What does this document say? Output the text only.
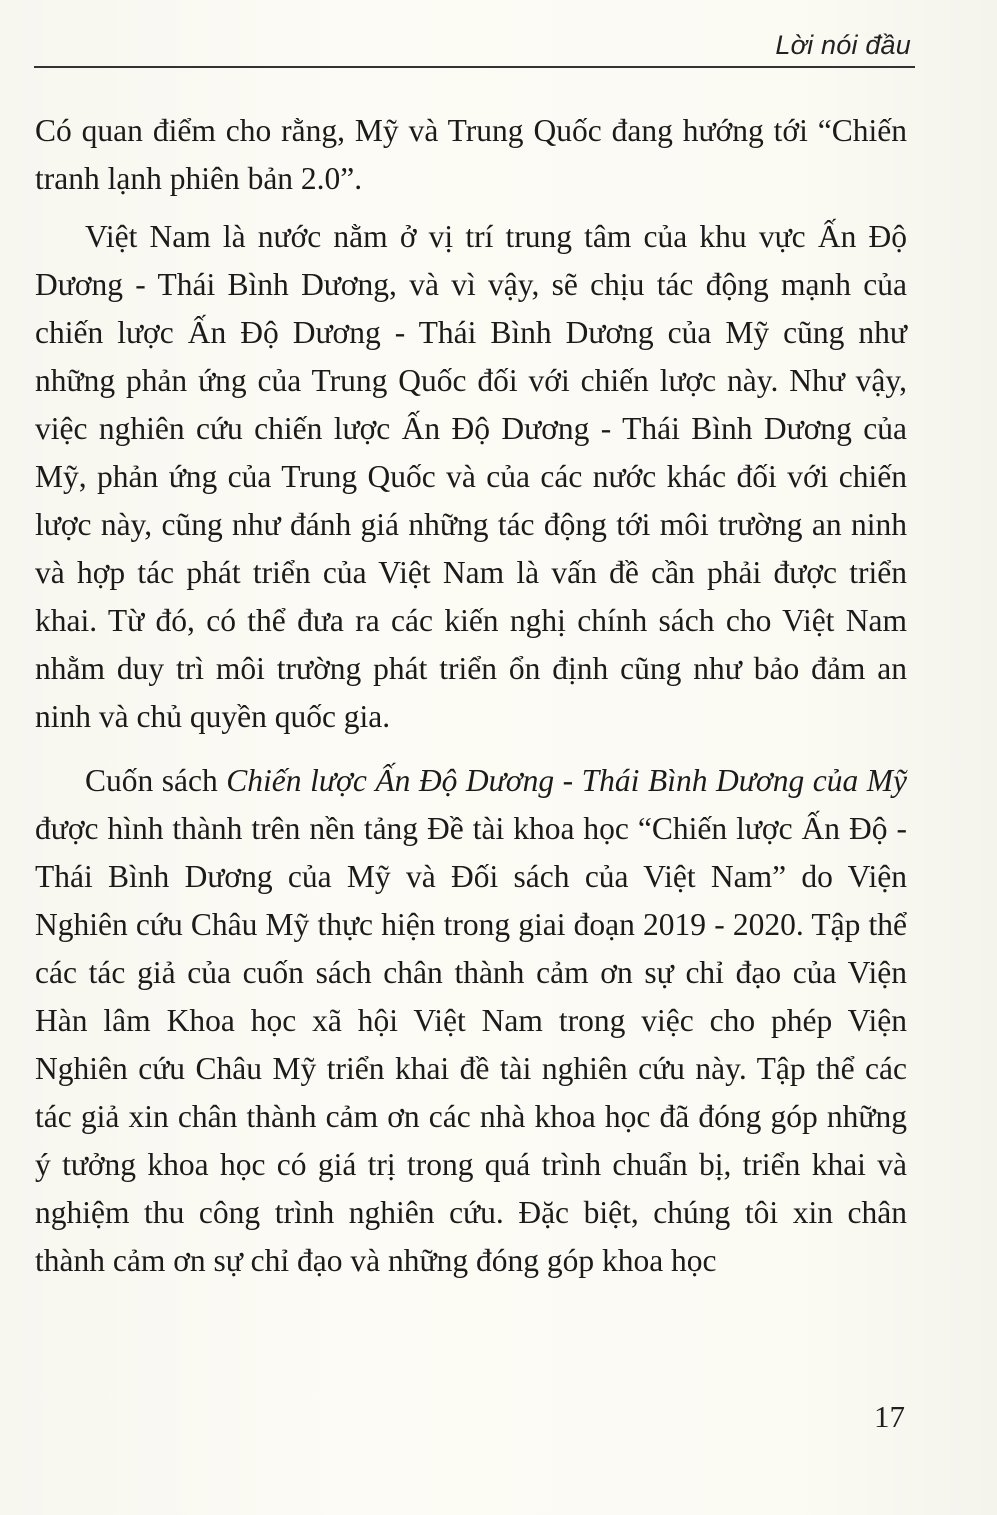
Lời nói đầu

Có quan điểm cho rằng, Mỹ và Trung Quốc đang hướng tới “Chiến tranh lạnh phiên bản 2.0”.

Việt Nam là nước nằm ở vị trí trung tâm của khu vực Ấn Độ Dương - Thái Bình Dương, và vì vậy, sẽ chịu tác động mạnh của chiến lược Ấn Độ Dương - Thái Bình Dương của Mỹ cũng như những phản ứng của Trung Quốc đối với chiến lược này. Như vậy, việc nghiên cứu chiến lược Ấn Độ Dương - Thái Bình Dương của Mỹ, phản ứng của Trung Quốc và của các nước khác đối với chiến lược này, cũng như đánh giá những tác động tới môi trường an ninh và hợp tác phát triển của Việt Nam là vấn đề cần phải được triển khai. Từ đó, có thể đưa ra các kiến nghị chính sách cho Việt Nam nhằm duy trì môi trường phát triển ổn định cũng như bảo đảm an ninh và chủ quyền quốc gia.

Cuốn sách Chiến lược Ấn Độ Dương - Thái Bình Dương của Mỹ được hình thành trên nền tảng Đề tài khoa học “Chiến lược Ấn Độ - Thái Bình Dương của Mỹ và Đối sách của Việt Nam” do Viện Nghiên cứu Châu Mỹ thực hiện trong giai đoạn 2019 - 2020. Tập thể các tác giả của cuốn sách chân thành cảm ơn sự chỉ đạo của Viện Hàn lâm Khoa học xã hội Việt Nam trong việc cho phép Viện Nghiên cứu Châu Mỹ triển khai đề tài nghiên cứu này. Tập thể các tác giả xin chân thành cảm ơn các nhà khoa học đã đóng góp những ý tưởng khoa học có giá trị trong quá trình chuẩn bị, triển khai và nghiệm thu công trình nghiên cứu. Đặc biệt, chúng tôi xin chân thành cảm ơn sự chỉ đạo và những đóng góp khoa học

17
